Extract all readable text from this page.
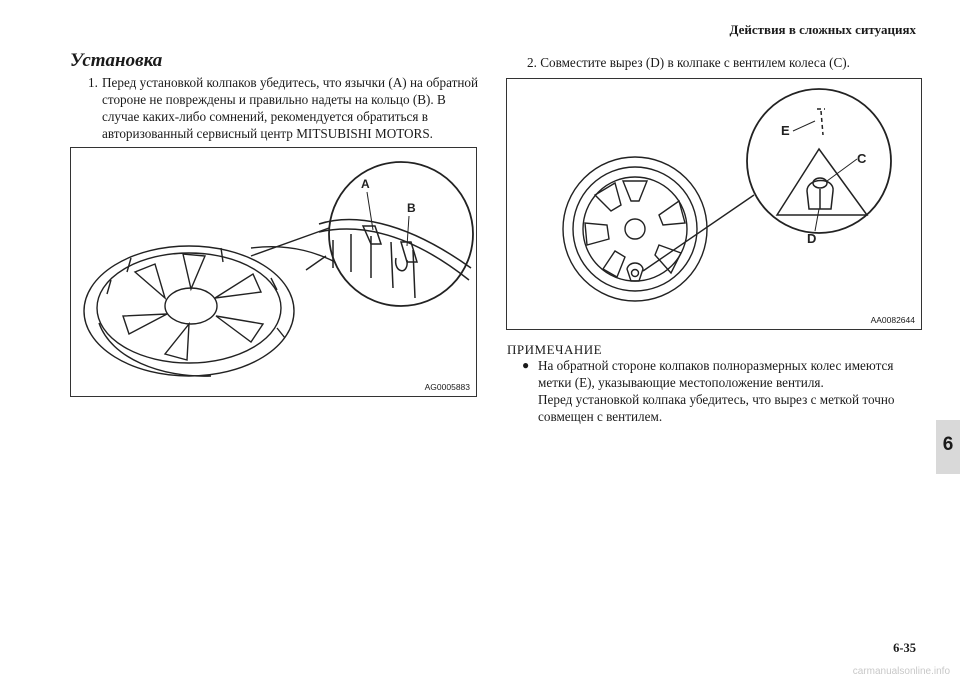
Действия в сложных ситуациях
Установка
1. Перед установкой колпаков убедитесь, что язычки (A) на обратной стороне не повреждены и правильно надеты на кольцо (B). В случае каких-либо сомнений, рекомендуется обратиться в авторизованный сервисный центр MITSUBISHI MOTORS.
2. Совместите вырез (D) в колпаке с вентилем колеса (C).
A
B
AG0005883
E
C
D
AA0082644
ПРИМЕЧАНИЕ
● На обратной стороне колпаков полноразмерных колес имеются метки (E), указывающие местоположение вентиля.
Перед установкой колпака убедитесь, что вырез с меткой точно совмещен с вентилем.
6
6-35
carmanualsonline.info
